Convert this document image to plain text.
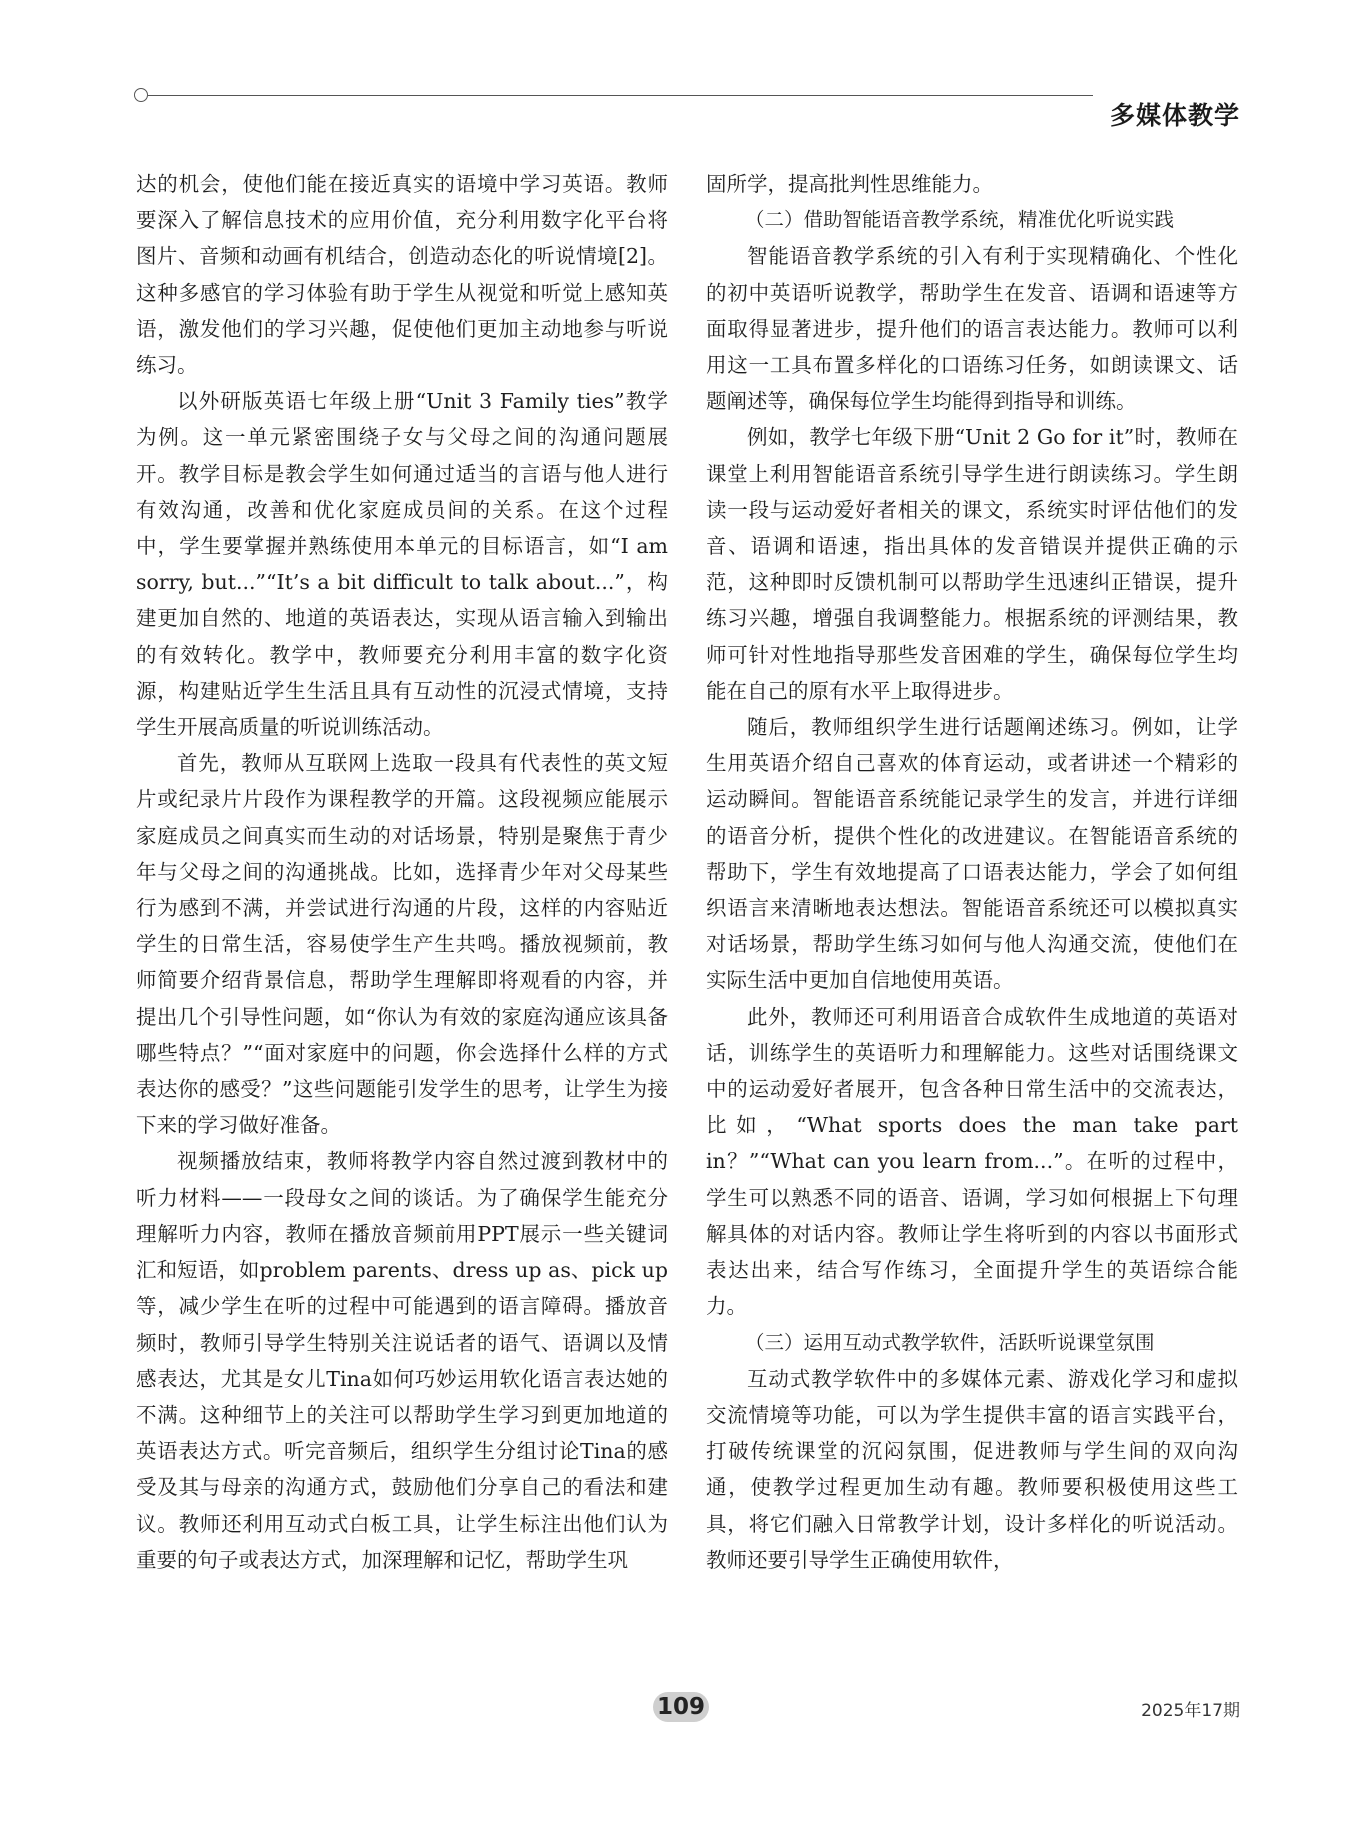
多媒体教学

达的机会，使他们能在接近真实的语境中学习英语。教师要深入了解信息技术的应用价值，充分利用数字化平台将图片、音频和动画有机结合，创造动态化的听说情境[2]。这种多感官的学习体验有助于学生从视觉和听觉上感知英语，激发他们的学习兴趣，促使他们更加主动地参与听说练习。

以外研版英语七年级上册“Unit 3 Family ties”教学为例。这一单元紧密围绕子女与父母之间的沟通问题展开。教学目标是教会学生如何通过适当的言语与他人进行有效沟通，改善和优化家庭成员间的关系。在这个过程中，学生要掌握并熟练使用本单元的目标语言，如“I am sorry, but...”“It’s a bit difficult to talk about...”，构建更加自然的、地道的英语表达，实现从语言输入到输出的有效转化。教学中，教师要充分利用丰富的数字化资源，构建贴近学生生活且具有互动性的沉浸式情境，支持学生开展高质量的听说训练活动。

首先，教师从互联网上选取一段具有代表性的英文短片或纪录片片段作为课程教学的开篇。这段视频应能展示家庭成员之间真实而生动的对话场景，特别是聚焦于青少年与父母之间的沟通挑战。比如，选择青少年对父母某些行为感到不满，并尝试进行沟通的片段，这样的内容贴近学生的日常生活，容易使学生产生共鸣。播放视频前，教师简要介绍背景信息，帮助学生理解即将观看的内容，并提出几个引导性问题，如“你认为有效的家庭沟通应该具备哪些特点？”“面对家庭中的问题，你会选择什么样的方式表达你的感受？”这些问题能引发学生的思考，让学生为接下来的学习做好准备。

视频播放结束，教师将教学内容自然过渡到教材中的听力材料——一段母女之间的谈话。为了确保学生能充分理解听力内容，教师在播放音频前用PPT展示一些关键词汇和短语，如problem parents、dress up as、pick up等，减少学生在听的过程中可能遇到的语言障碍。播放音频时，教师引导学生特别关注说话者的语气、语调以及情感表达，尤其是女儿Tina如何巧妙运用软化语言表达她的不满。这种细节上的关注可以帮助学生学习到更加地道的英语表达方式。听完音频后，组织学生分组讨论Tina的感受及其与母亲的沟通方式，鼓励他们分享自己的看法和建议。教师还利用互动式白板工具，让学生标注出他们认为重要的句子或表达方式，加深理解和记忆，帮助学生巩

固所学，提高批判性思维能力。

（二）借助智能语音教学系统，精准优化听说实践

智能语音教学系统的引入有利于实现精确化、个性化的初中英语听说教学，帮助学生在发音、语调和语速等方面取得显著进步，提升他们的语言表达能力。教师可以利用这一工具布置多样化的口语练习任务，如朗读课文、话题阐述等，确保每位学生均能得到指导和训练。

例如，教学七年级下册“Unit 2 Go for it”时，教师在课堂上利用智能语音系统引导学生进行朗读练习。学生朗读一段与运动爱好者相关的课文，系统实时评估他们的发音、语调和语速，指出具体的发音错误并提供正确的示范，这种即时反馈机制可以帮助学生迅速纠正错误，提升练习兴趣，增强自我调整能力。根据系统的评测结果，教师可针对性地指导那些发音困难的学生，确保每位学生均能在自己的原有水平上取得进步。

随后，教师组织学生进行话题阐述练习。例如，让学生用英语介绍自己喜欢的体育运动，或者讲述一个精彩的运动瞬间。智能语音系统能记录学生的发言，并进行详细的语音分析，提供个性化的改进建议。在智能语音系统的帮助下，学生有效地提高了口语表达能力，学会了如何组织语言来清晰地表达想法。智能语音系统还可以模拟真实对话场景，帮助学生练习如何与他人沟通交流，使他们在实际生活中更加自信地使用英语。

此外，教师还可利用语音合成软件生成地道的英语对话，训练学生的英语听力和理解能力。这些对话围绕课文中的运动爱好者展开，包含各种日常生活中的交流表达，比如，“What sports does the man take part in？”“What can you learn from...”。在听的过程中，学生可以熟悉不同的语音、语调，学习如何根据上下句理解具体的对话内容。教师让学生将听到的内容以书面形式表达出来，结合写作练习，全面提升学生的英语综合能力。

（三）运用互动式教学软件，活跃听说课堂氛围

互动式教学软件中的多媒体元素、游戏化学习和虚拟交流情境等功能，可以为学生提供丰富的语言实践平台，打破传统课堂的沉闷氛围，促进教师与学生间的双向沟通，使教学过程更加生动有趣。教师要积极使用这些工具，将它们融入日常教学计划，设计多样化的听说活动。教师还要引导学生正确使用软件，

109	2025年17期
